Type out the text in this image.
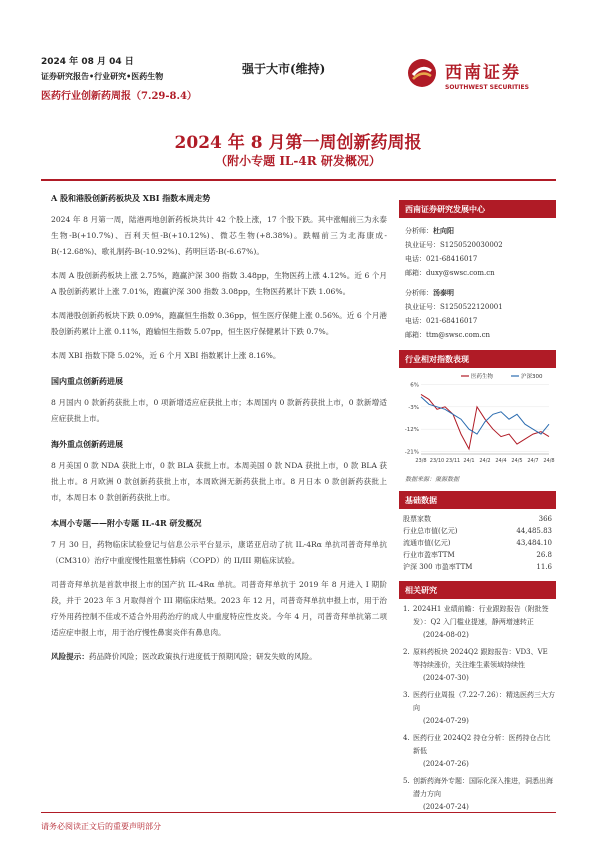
2024 年 08 月 04 日
证券研究报告•行业研究•医药生物
医药行业创新药周报（7.29-8.4）
强于大市(维持)	西南证券
SOUTHWEST SECURITIES
2024 年 8 月第一周创新药周报
（附小专题 IL-4R 研发概况）
A 股和港股创新药板块及 XBI 指数本周走势
2024 年 8 月第一周，陆港两地创新药板块共计 42 个股上涨，17 个股下跌。其中涨幅前三为永泰生物-B(+10.7%)、百利天恒-B(+10.12%)、微芯生物(+8.38%)。跌幅前三为北海康成-B(-12.68%)、歌礼制药-B(-10.92%)、药明巨诺-B(-6.67%)。
本周 A 股创新药板块上涨 2.75%，跑赢沪深 300 指数 3.48pp，生物医药上涨 4.12%。近 6 个月 A 股创新药累计上涨 7.01%，跑赢沪深 300 指数 3.08pp，生物医药累计下跌 1.06%。
本周港股创新药板块下跌 0.09%，跑赢恒生指数 0.36pp，恒生医疗保健上涨 0.56%。近 6 个月港股创新药累计上涨 0.11%，跑输恒生指数 5.07pp，恒生医疗保健累计下跌 0.7%。
本周 XBI 指数下降 5.02%，近 6 个月 XBI 指数累计上涨 8.16%。
国内重点创新药进展
8 月国内 0 款新药获批上市，0 项新增适应症获批上市；本周国内 0 款新药获批上市，0 款新增适应症获批上市。
海外重点创新药进展
8 月美国 0 款 NDA 获批上市，0 款 BLA 获批上市。本周美国 0 款 NDA 获批上市，0 款 BLA 获批上市。8 月欧洲 0 款创新药获批上市，本周欧洲无新药获批上市。8 月日本 0 款创新药获批上市，本周日本 0 款创新药获批上市。
本周小专题——附小专题 IL-4R 研发概况
7 月 30 日，药物临床试验登记与信息公示平台显示，康诺亚启动了抗 IL-4Rα 单抗司普奇拜单抗（CM310）治疗中重度慢性阻塞性肺病（COPD）的 II/III 期临床试验。
司普奇拜单抗是首款申报上市的国产抗 IL-4Rα 单抗。司普奇拜单抗于 2019 年 8 月进入 I 期阶段，并于 2023 年 3 月取得首个 III 期临床结果。2023 年 12 月，司普奇拜单抗申报上市，用于治疗外用药控制不佳或不适合外用药治疗的成人中重度特应性皮炎。今年 4 月，司普奇拜单抗第二项适应症申报上市，用于治疗慢性鼻窦炎伴有鼻息肉。
风险提示：药品降价风险；医改政策执行进度低于预期风险；研发失败的风险。
西南证券研究发展中心
分析师：杜向阳
执业证号：S1250520030002
电话：021-68416017
邮箱：duxy@swsc.com.cn
分析师：汤泰明
执业证号：S1250522120001
电话：021-68416017
邮箱：ttm@swsc.com.cn
行业相对指数表现
6%
-3%
-12%
-21%
23/8 23/10 23/11 24/1 24/2 24/4 24/5 24/7 24/8
医药生物	沪深300
数据来源：聚源数据
基础数据
股票家数	366
行业总市值(亿元)	44,485.83
流通市值(亿元)	43,484.10
行业市盈率TTM	26.8
沪深 300 市盈率TTM	11.6
相关研究
1. 2024H1 业绩前瞻：行业跟踪报告（附批签发）：Q2 入门槛业提速，静两增速转正
(2024-08-02)
2. 原料药板块 2024Q2 跟踪报告：VD3、VE 等持续涨价，关注维生素领域持续性
(2024-07-30)
3. 医药行业周报（7.22-7.26）：精选医药三大方向
(2024-07-29)
4. 医药行业 2024Q2 持仓分析：医药持仓占比新低
(2024-07-26)
5. 创新药海外专题：国际化深入推进，洞悉出海潜力方向
(2024-07-24)
请务必阅读正文后的重要声明部分
